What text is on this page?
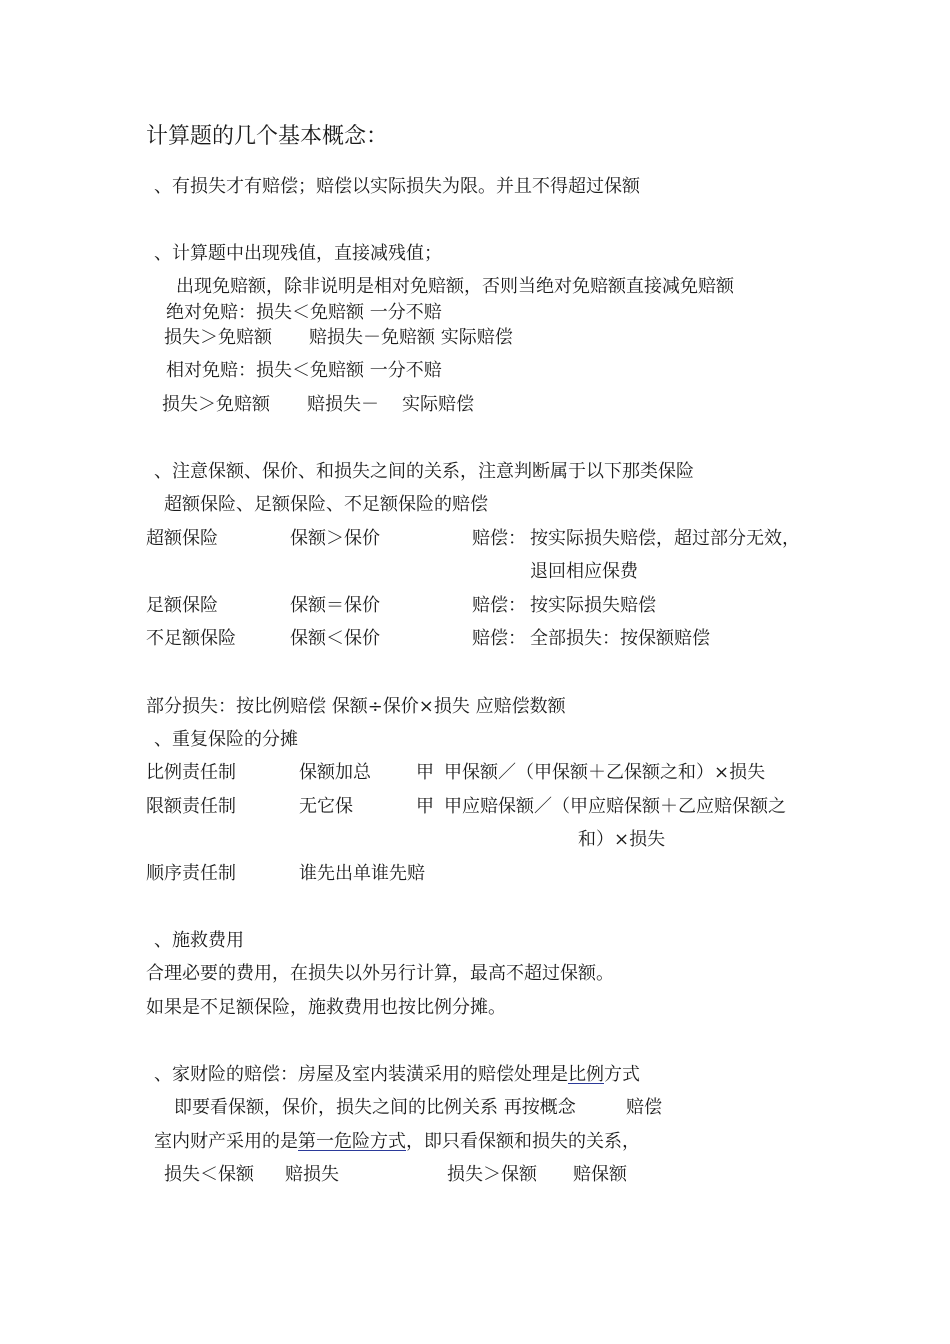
计算题的几个基本概念：
、有损失才有赔偿；赔偿以实际损失为限。并且不得超过保额
、计算题中出现残值，直接减残值；
出现免赔额，除非说明是相对免赔额，否则当绝对免赔额直接减免赔额
绝对免赔：损失＜免赔额 一分不赔
损失＞免赔额 赔损失－免赔额 实际赔偿
相对免赔：损失＜免赔额 一分不赔
损失＞免赔额 赔损失－ 实际赔偿
、注意保额、保价、和损失之间的关系，注意判断属于以下那类保险
超额保险、足额保险、不足额保险的赔偿
超额保险	保额＞保价	赔偿： 按实际损失赔偿，超过部分无效，
退回相应保费
足额保险	保额＝保价	赔偿： 按实际损失赔偿
不足额保险	保额＜保价	赔偿： 全部损失：按保额赔偿
部分损失：按比例赔偿 保额÷保价×损失 应赔偿数额
、重复保险的分摊
比例责任制	保额加总	甲 甲保额／（甲保额＋乙保额之和）×损失
限额责任制	无它保	甲 甲应赔保额／（甲应赔保额＋乙应赔保额之
和）×损失
顺序责任制	谁先出单谁先赔
、施救费用
合理必要的费用，在损失以外另行计算，最高不超过保额。
如果是不足额保险，施救费用也按比例分摊。
、家财险的赔偿：房屋及室内装潢采用的赔偿处理是比例方式
即要看保额，保价，损失之间的比例关系 再按概念	赔偿
室内财产采用的是第一危险方式，即只看保额和损失的关系，
损失＜保额 赔损失	损失＞保额 赔保额
